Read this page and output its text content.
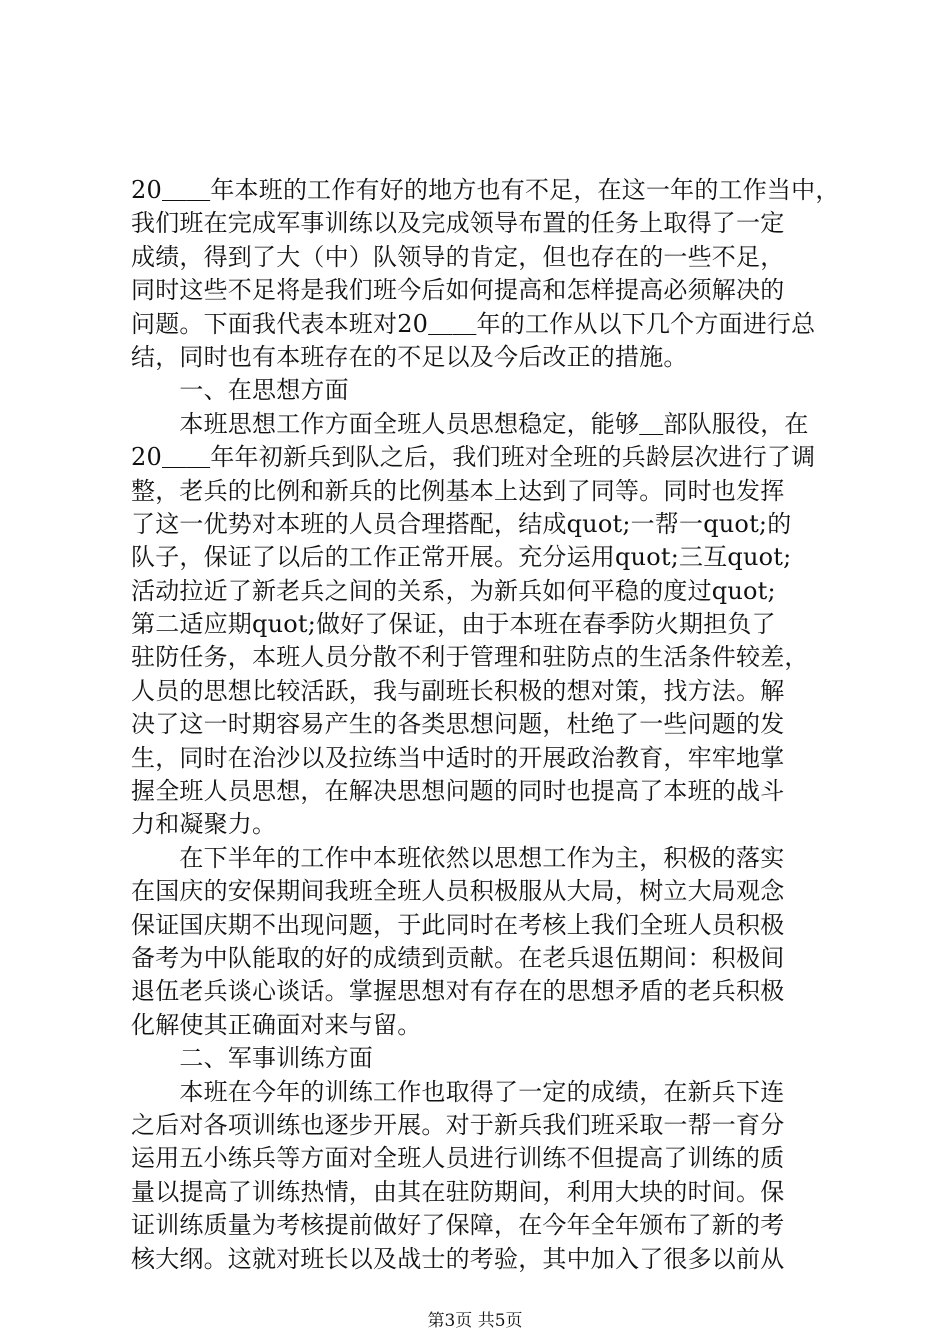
20＿＿年本班的工作有好的地方也有不足，在这一年的工作当中，
我们班在完成军事训练以及完成领导布置的任务上取得了一定
成绩，得到了大（中）队领导的肯定，但也存在的一些不足，
同时这些不足将是我们班今后如何提高和怎样提高必须解决的
问题。下面我代表本班对20＿＿年的工作从以下几个方面进行总
结，同时也有本班存在的不足以及今后改正的措施。
　　一、在思想方面
　　本班思想工作方面全班人员思想稳定，能够＿部队服役，在
20＿＿年年初新兵到队之后，我们班对全班的兵龄层次进行了调
整，老兵的比例和新兵的比例基本上达到了同等。同时也发挥
了这一优势对本班的人员合理搭配，结成quot;一帮一quot;的
队子，保证了以后的工作正常开展。充分运用quot;三互quot;
活动拉近了新老兵之间的关系，为新兵如何平稳的度过quot;
第二适应期quot;做好了保证，由于本班在春季防火期担负了
驻防任务，本班人员分散不利于管理和驻防点的生活条件较差，
人员的思想比较活跃，我与副班长积极的想对策，找方法。解
决了这一时期容易产生的各类思想问题，杜绝了一些问题的发
生，同时在治沙以及拉练当中适时的开展政治教育，牢牢地掌
握全班人员思想，在解决思想问题的同时也提高了本班的战斗
力和凝聚力。
　　在下半年的工作中本班依然以思想工作为主，积极的落实
在国庆的安保期间我班全班人员积极服从大局，树立大局观念
保证国庆期不出现问题，于此同时在考核上我们全班人员积极
备考为中队能取的好的成绩到贡献。在老兵退伍期间：积极间
退伍老兵谈心谈话。掌握思想对有存在的思想矛盾的老兵积极
化解使其正确面对来与留。
　　二、军事训练方面
　　本班在今年的训练工作也取得了一定的成绩，在新兵下连
之后对各项训练也逐步开展。对于新兵我们班采取一帮一育分
运用五小练兵等方面对全班人员进行训练不但提高了训练的质
量以提高了训练热情，由其在驻防期间，利用大块的时间。保
证训练质量为考核提前做好了保障，在今年全年颁布了新的考
核大纲。这就对班长以及战士的考验，其中加入了很多以前从
第3页 共5页
